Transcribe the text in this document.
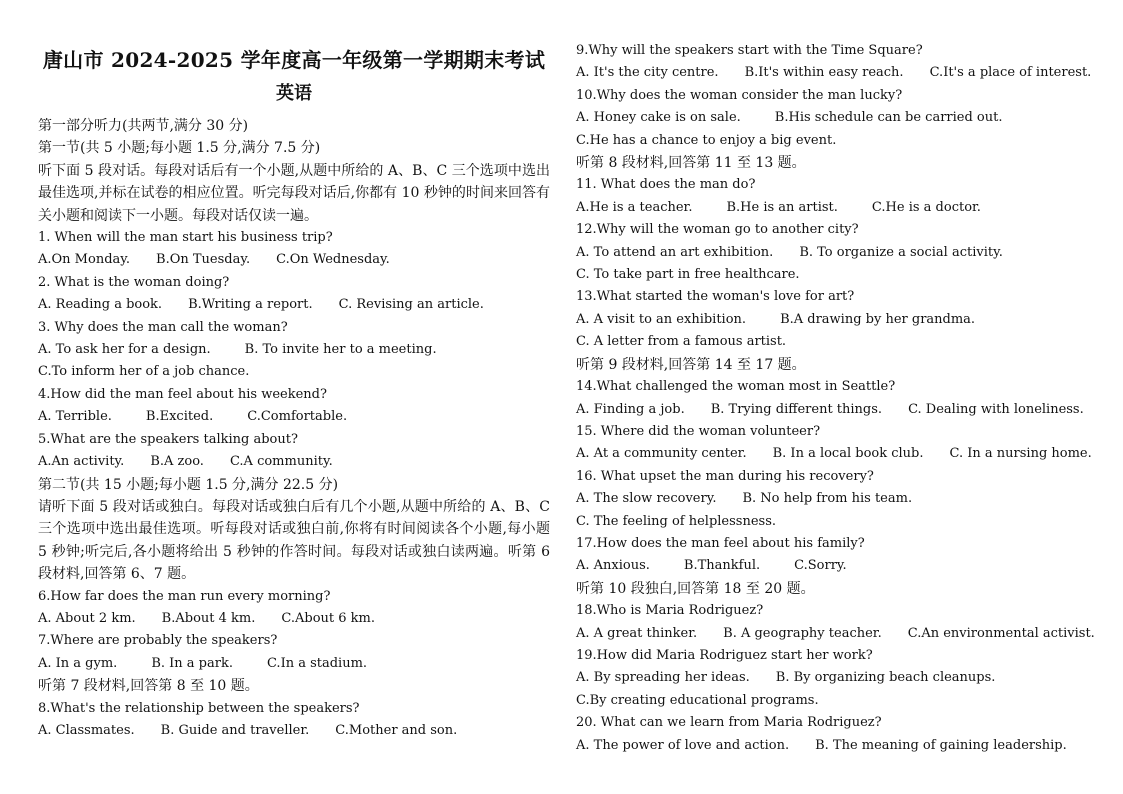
唐山市 2024-2025 学年度高一年级第一学期期末考试
英语
第一部分听力(共两节,满分 30 分)
第一节(共 5 小题;每小题 1.5 分,满分 7.5 分)
听下面 5 段对话。每段对话后有一个小题,从题中所给的 A、B、C 三个选项中选出最佳选项,并标在试卷的相应位置。听完每段对话后,你都有 10 秒钟的时间来回答有关小题和阅读下一小题。每段对话仅读一遍。
1. When will the man start his business trip?
A.On Monday. B.On Tuesday. C.On Wednesday.
2. What is the woman doing?
A. Reading a book. B.Writing a report. C. Revising an article.
3. Why does the man call the woman?
A. To ask her for a design.	B. To invite her to a meeting.
C.To inform her of a job chance.
4.How did the man feel about his weekend?
A. Terrible.	B.Excited.	C.Comfortable.
5.What are the speakers talking about?
A.An activity. B.A zoo. C.A community.
第二节(共 15 小题;每小题 1.5 分,满分 22.5 分)
请听下面 5 段对话或独白。每段对话或独白后有几个小题,从题中所给的 A、B、C 三个选项中选出最佳选项。听每段对话或独白前,你将有时间阅读各个小题,每小题 5 秒钟;听完后,各小题将给出 5 秒钟的作答时间。每段对话或独白读两遍。听第 6 段材料,回答第 6、7 题。
6.How far does the man run every morning?
A. About 2 km. B.About 4 km. C.About 6 km.
7.Where are probably the speakers?
A. In a gym.	B. In a park.	C.In a stadium.
听第 7 段材料,回答第 8 至 10 题。
8.What's the relationship between the speakers?
A. Classmates. B. Guide and traveller. C.Mother and son.
9.Why will the speakers start with the Time Square?
A. It's the city centre. B.It's within easy reach. C.It's a place of interest.
10.Why does the woman consider the man lucky?
A. Honey cake is on sale.	B.His schedule can be carried out.
C.He has a chance to enjoy a big event.
听第 8 段材料,回答第 11 至 13 题。
11. What does the man do?
A.He is a teacher.	B.He is an artist.	C.He is a doctor.
12.Why will the woman go to another city?
A. To attend an art exhibition. B. To organize a social activity.
C. To take part in free healthcare.
13.What started the woman's love for art?
A. A visit to an exhibition.	B.A drawing by her grandma.
C. A letter from a famous artist.
听第 9 段材料,回答第 14 至 17 题。
14.What challenged the woman most in Seattle?
A. Finding a job. B. Trying different things. C. Dealing with loneliness.
15. Where did the woman volunteer?
A. At a community center. B. In a local book club. C. In a nursing home.
16. What upset the man during his recovery?
A. The slow recovery. B. No help from his team.
C. The feeling of helplessness.
17.How does the man feel about his family?
A. Anxious.	B.Thankful.	C.Sorry.
听第 10 段独白,回答第 18 至 20 题。
18.Who is Maria Rodriguez?
A. A great thinker. B. A geography teacher. C.An environmental activist.
19.How did Maria Rodriguez start her work?
A. By spreading her ideas. B. By organizing beach cleanups.
C.By creating educational programs.
20. What can we learn from Maria Rodriguez?
A. The power of love and action. B. The meaning of gaining leadership.
